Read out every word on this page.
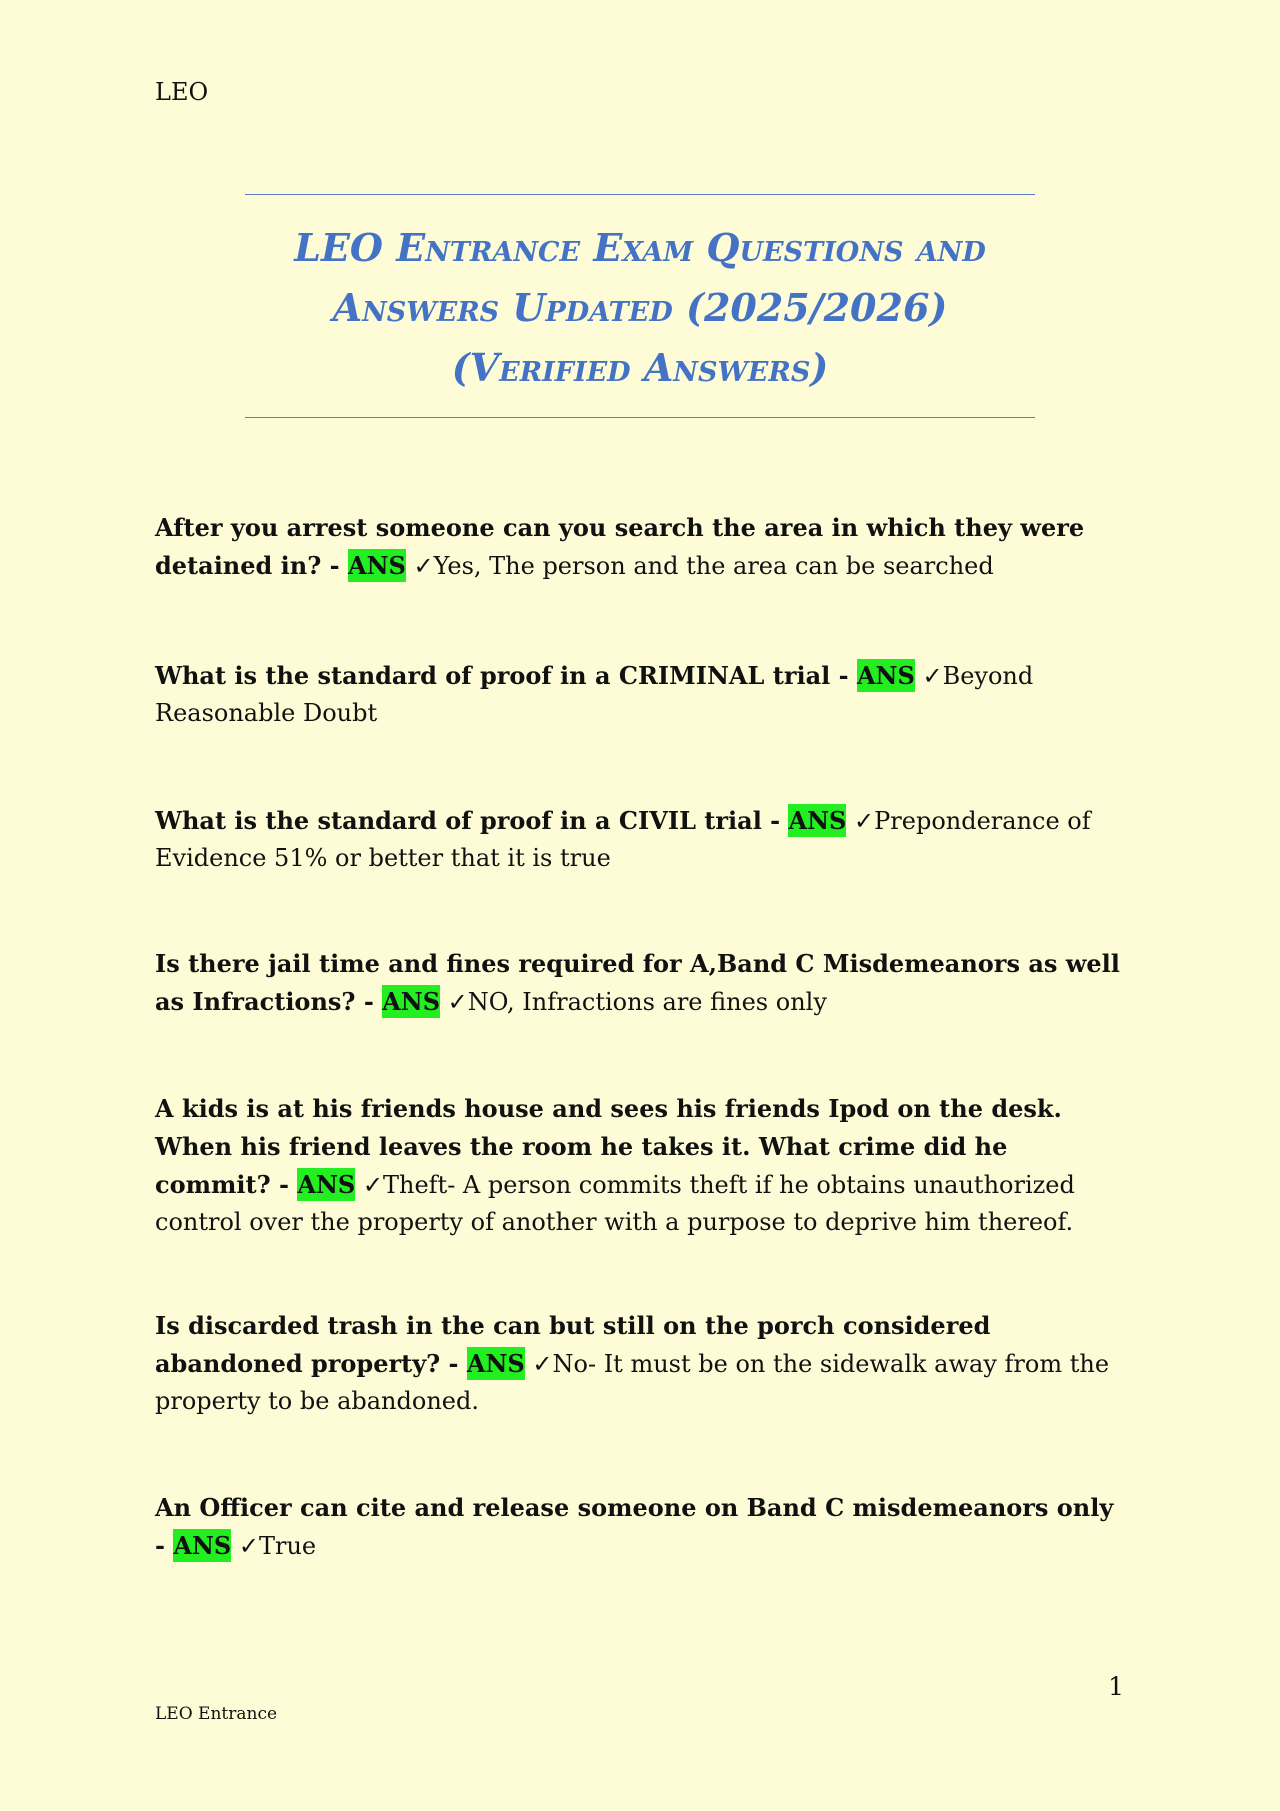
LEO
LEO Entrance Exam Questions and
Answers Updated (2025/2026)
(Verified Answers)
After you arrest someone can you search the area in which they were detained in? - ANS ✓Yes, The person and the area can be searched
What is the standard of proof in a CRIMINAL trial - ANS ✓Beyond Reasonable Doubt
What is the standard of proof in a CIVIL trial - ANS ✓Preponderance of Evidence 51% or better that it is true
Is there jail time and fines required for A,Band C Misdemeanors as well as Infractions? - ANS ✓NO, Infractions are fines only
A kids is at his friends house and sees his friends Ipod on the desk. When his friend leaves the room he takes it. What crime did he commit? - ANS ✓Theft- A person commits theft if he obtains unauthorized control over the property of another with a purpose to deprive him thereof.
Is discarded trash in the can but still on the porch considered abandoned property? - ANS ✓No- It must be on the sidewalk away from the property to be abandoned.
An Officer can cite and release someone on Band C misdemeanors only - ANS ✓True
1
LEO Entrance
